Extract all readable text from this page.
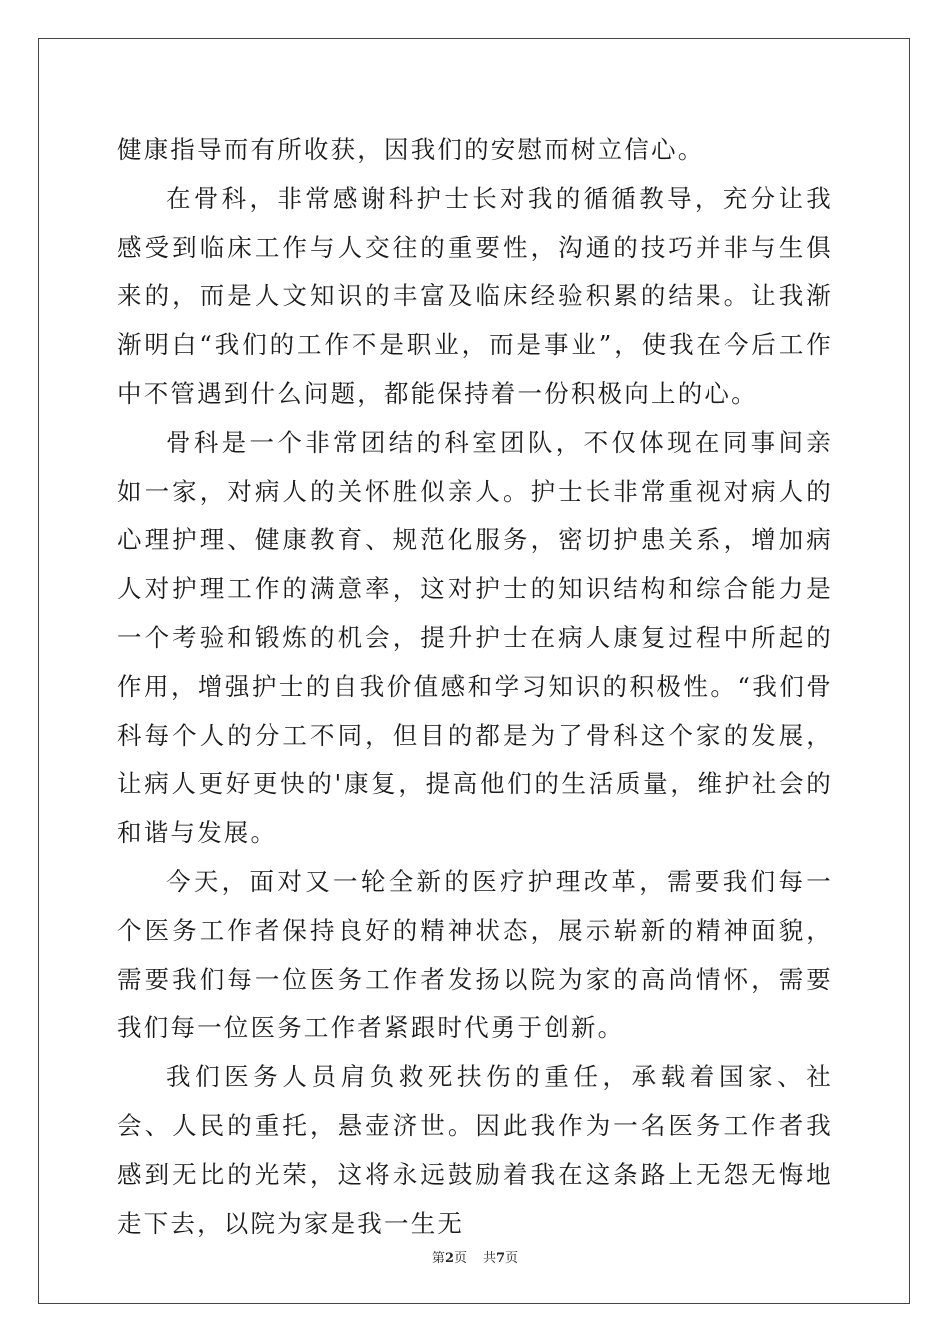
健康指导而有所收获，因我们的安慰而树立信心。

在骨科，非常感谢科护士长对我的循循教导，充分让我感受到临床工作与人交往的重要性，沟通的技巧并非与生俱来的，而是人文知识的丰富及临床经验积累的结果。让我渐渐明白“我们的工作不是职业，而是事业”，使我在今后工作中不管遇到什么问题，都能保持着一份积极向上的心。

骨科是一个非常团结的科室团队，不仅体现在同事间亲如一家，对病人的关怀胜似亲人。护士长非常重视对病人的心理护理、健康教育、规范化服务，密切护患关系，增加病人对护理工作的满意率，这对护士的知识结构和综合能力是一个考验和锻炼的机会，提升护士在病人康复过程中所起的作用，增强护士的自我价值感和学习知识的积极性。“我们骨科每个人的分工不同，但目的都是为了骨科这个家的发展，让病人更好更快的'康复，提高他们的生活质量，维护社会的和谐与发展。

今天，面对又一轮全新的医疗护理改革，需要我们每一个医务工作者保持良好的精神状态，展示崭新的精神面貌，需要我们每一位医务工作者发扬以院为家的高尚情怀，需要我们每一位医务工作者紧跟时代勇于创新。

我们医务人员肩负救死扶伤的重任，承载着国家、社会、人民的重托，悬壶济世。因此我作为一名医务工作者我感到无比的光荣，这将永远鼓励着我在这条路上无怨无悔地走下去，以院为家是我一生无

第2页 共7页
